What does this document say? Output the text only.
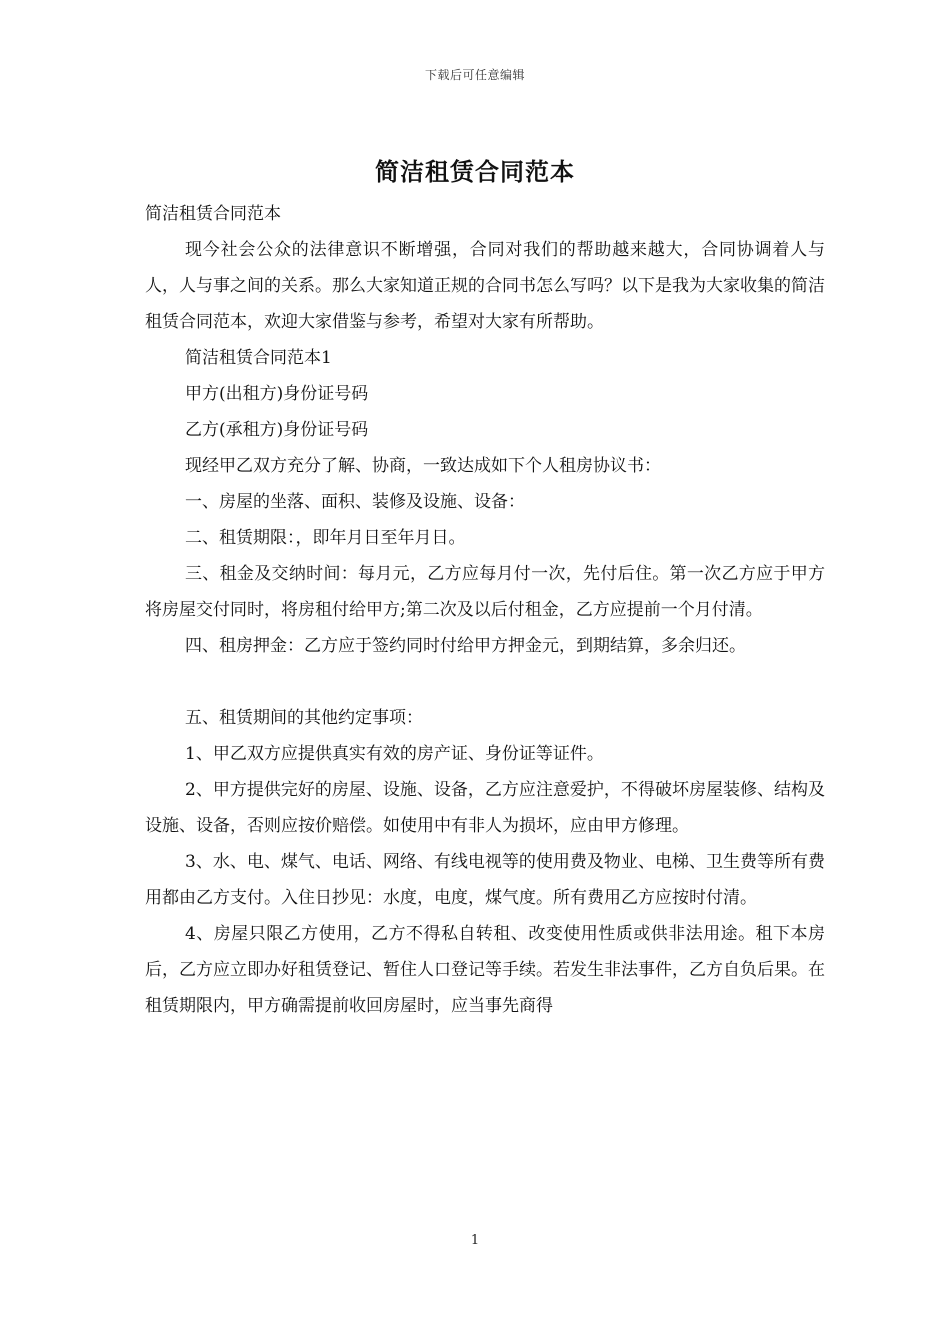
下载后可任意编辑
简洁租赁合同范本

简洁租赁合同范本

现今社会公众的法律意识不断增强，合同对我们的帮助越来越大，合同协调着人与人，人与事之间的关系。那么大家知道正规的合同书怎么写吗？以下是我为大家收集的简洁租赁合同范本，欢迎大家借鉴与参考，希望对大家有所帮助。

简洁租赁合同范本1

甲方(出租方)身份证号码

乙方(承租方)身份证号码

现经甲乙双方充分了解、协商，一致达成如下个人租房协议书：

一、房屋的坐落、面积、装修及设施、设备：

二、租赁期限：，即年月日至年月日。

三、租金及交纳时间：每月元，乙方应每月付一次，先付后住。第一次乙方应于甲方将房屋交付同时，将房租付给甲方;第二次及以后付租金，乙方应提前一个月付清。

四、租房押金：乙方应于签约同时付给甲方押金元，到期结算，多余归还。

五、租赁期间的其他约定事项：

1、甲乙双方应提供真实有效的房产证、身份证等证件。

2、甲方提供完好的房屋、设施、设备，乙方应注意爱护，不得破坏房屋装修、结构及设施、设备，否则应按价赔偿。如使用中有非人为损坏，应由甲方修理。

3、水、电、煤气、电话、网络、有线电视等的使用费及物业、电梯、卫生费等所有费用都由乙方支付。入住日抄见：水度，电度，煤气度。所有费用乙方应按时付清。

4、房屋只限乙方使用，乙方不得私自转租、改变使用性质或供非法用途。租下本房后，乙方应立即办好租赁登记、暂住人口登记等手续。若发生非法事件，乙方自负后果。在租赁期限内，甲方确需提前收回房屋时，应当事先商得

1
